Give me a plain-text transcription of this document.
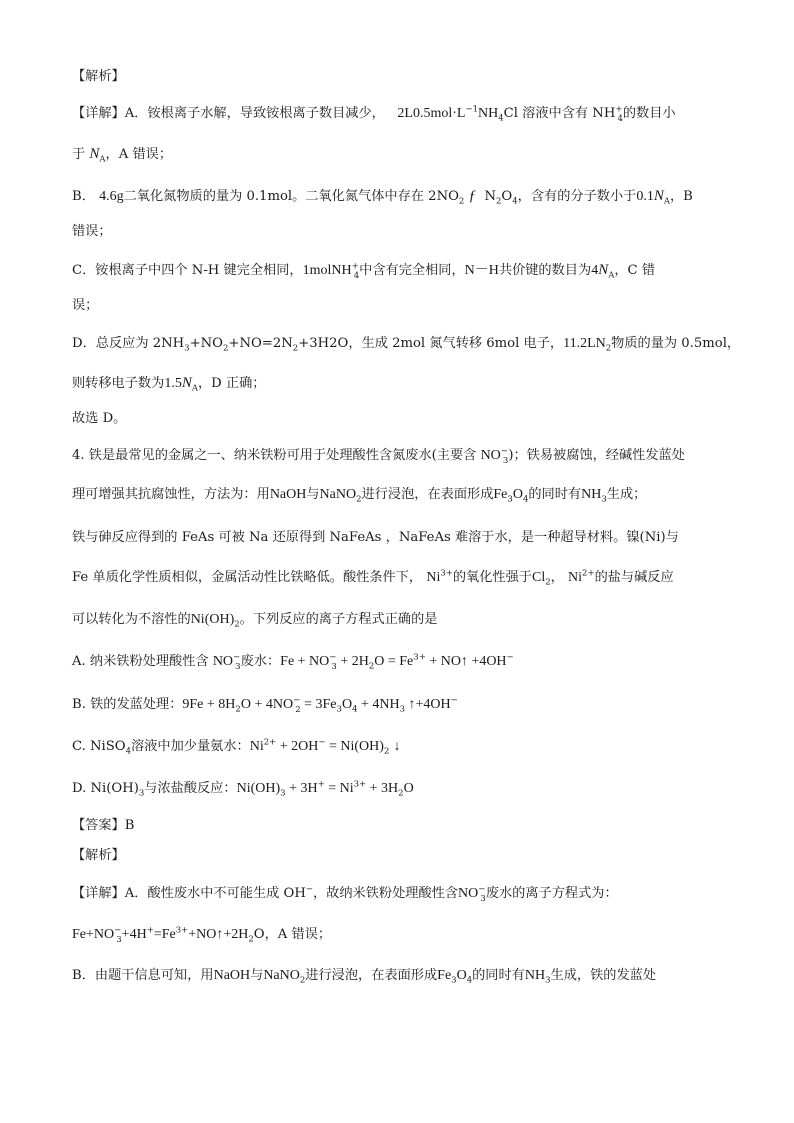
【解析】
【详解】A．铵根离子水解，导致铵根离子数目减少， $2L0.5mol\cdot L^{-1}NH_4Cl$ 溶液中含有 $NH^+_4$的数目小
于 $N_A$，A 错误；
B． 4.6g二氧化氮物质的量为 0.1mol。二氧化氮气体中存在 $2NO_2$ ƒ $N_2O_4$，含有的分子数小于$0.1N_A$，B
错误；
C．铵根离子中四个 N-H 键完全相同，1molNH+$_4$中含有完全相同，N－H共价键的数目为$4N_A$，C 错
误；
D．总反应为 $2NH_3+NO_2+NO=2N_2+3H2O$，生成 2mol 氮气转移 6mol 电子，$11.2LN_2$物质的量为 0.5mol，
则转移电子数为$1.5N_A$，D 正确；
故选 D。
4. 铁是最常见的金属之一、纳米铁粉可用于处理酸性含氮废水(主要含 $NO^-_3$)；铁易被腐蚀，经碱性发蓝处
理可增强其抗腐蚀性，方法为：用NaOH与NaNO$_2$进行浸泡，在表面形成$Fe_3O_4$的同时有$NH_3$生成；
铁与砷反应得到的 FeAs 可被 Na 还原得到 NaFeAs ，NaFeAs 难溶于水，是一种超导材料。镍(Ni)与
Fe 单质化学性质相似，金属活动性比铁略低。酸性条件下， $Ni^{3+}$的氧化性强于$Cl_2$， $Ni^{2+}$的盐与碱反应
可以转化为不溶性的$Ni(OH)_2$。下列反应的离子方程式正确的是
A. 纳米铁粉处理酸性含 $NO^-_3$废水：$Fe + NO^-_3 + 2H_2O = Fe^{3+}$ + NO↑ +4OH−
B. 铁的发蓝处理：$9Fe + 8H_2O + 4NO^-_2 = 3Fe_3O_4 + 4NH_3$ ↑+4OH−
C. NiSO$_4$溶液中加少量氨水：$Ni^{2+} + 2OH^- = Ni(OH)_2$ ↓
D. $Ni(OH)_3$与浓盐酸反应：$Ni(OH)_3 + 3H^+ = Ni^{3+} + 3H_2O$
【答案】B
【解析】
【详解】A．酸性废水中不可能生成 OH−，故纳米铁粉处理酸性含$NO^-_3$废水的离子方程式为：
$Fe+NO^-_3+4H^+=Fe^{3+}+NO↑+2H_2O$，A 错误；
B．由题干信息可知，用NaOH与NaNO$_2$进行浸泡，在表面形成$Fe_3O_4$的同时有$NH_3$生成，铁的发蓝处
